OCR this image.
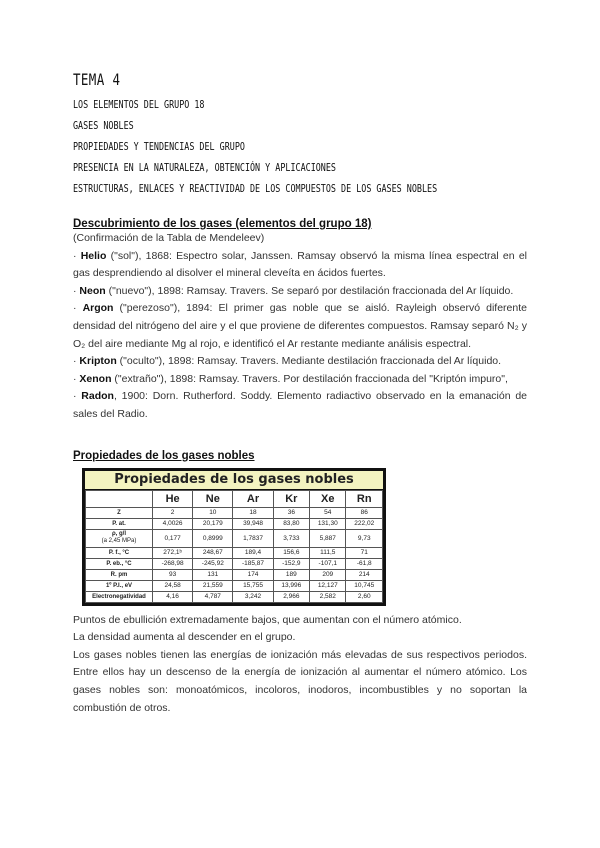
TEMA 4
LOS ELEMENTOS DEL GRUPO 18
GASES NOBLES
PROPIEDADES Y TENDENCIAS DEL GRUPO
PRESENCIA EN LA NATURALEZA, OBTENCIÓN Y APLICACIONES
ESTRUCTURAS, ENLACES Y REACTIVIDAD DE LOS COMPUESTOS DE LOS GASES NOBLES
Descubrimiento de los gases (elementos del grupo 18)

(Confirmación de la Tabla de Mendeleev)

· Helio ("sol"), 1868: Espectro solar, Janssen. Ramsay observó la misma línea espectral en el gas desprendiendo al disolver el mineral cleveíta en ácidos fuertes.

· Neon ("nuevo"), 1898: Ramsay. Travers. Se separó por destilación fraccionada del Ar líquido.

· Argon ("perezoso"), 1894: El primer gas noble que se aisló. Rayleigh observó diferente densidad del nitrógeno del aire y el que proviene de diferentes compuestos. Ramsay separó N₂ y O₂ del aire mediante Mg al rojo, e identificó el Ar restante mediante análisis espectral.

· Kripton ("oculto"), 1898: Ramsay. Travers. Mediante destilación fraccionada del Ar líquido.

· Xenon ("extraño"), 1898: Ramsay. Travers. Por destilación fraccionada del "Kriptón impuro",

· Radon, 1900: Dorn. Rutherford. Soddy. Elemento radiactivo observado en la emanación de sales del Radio.

Propiedades de los gases nobles
Propiedades de los gases nobles
	He	Ne	Ar	Kr	Xe	Rn
Z	2	10	18	36	54	86
P. at.	4,0026	20,179	39,948	83,80	131,30	222,02
ρ, g/l
(a 2,45 MPa)	0,177	0,8999	1,7837	3,733	5,887	9,73
P. f., °C	272,1ᵇ	248,67	189,4	156,6	111,5	71
P. eb., °C	-268,98	-245,92	-185,87	-152,9	-107,1	-61,8
R. pm	93	131	174	189	209	214
1º P.I., eV	24,58	21,559	15,755	13,996	12,127	10,745
Electronegatividad	4,16	4,787	3,242	2,966	2,582	2,60

Puntos de ebullición extremadamente bajos, que aumentan con el número atómico.

La densidad aumenta al descender en el grupo.

Los gases nobles tienen las energías de ionización más elevadas de sus respectivos periodos. Entre ellos hay un descenso de la energía de ionización al aumentar el número atómico. Los gases nobles son: monoatómicos, incoloros, inodoros, incombustibles y no soportan la combustión de otros.
